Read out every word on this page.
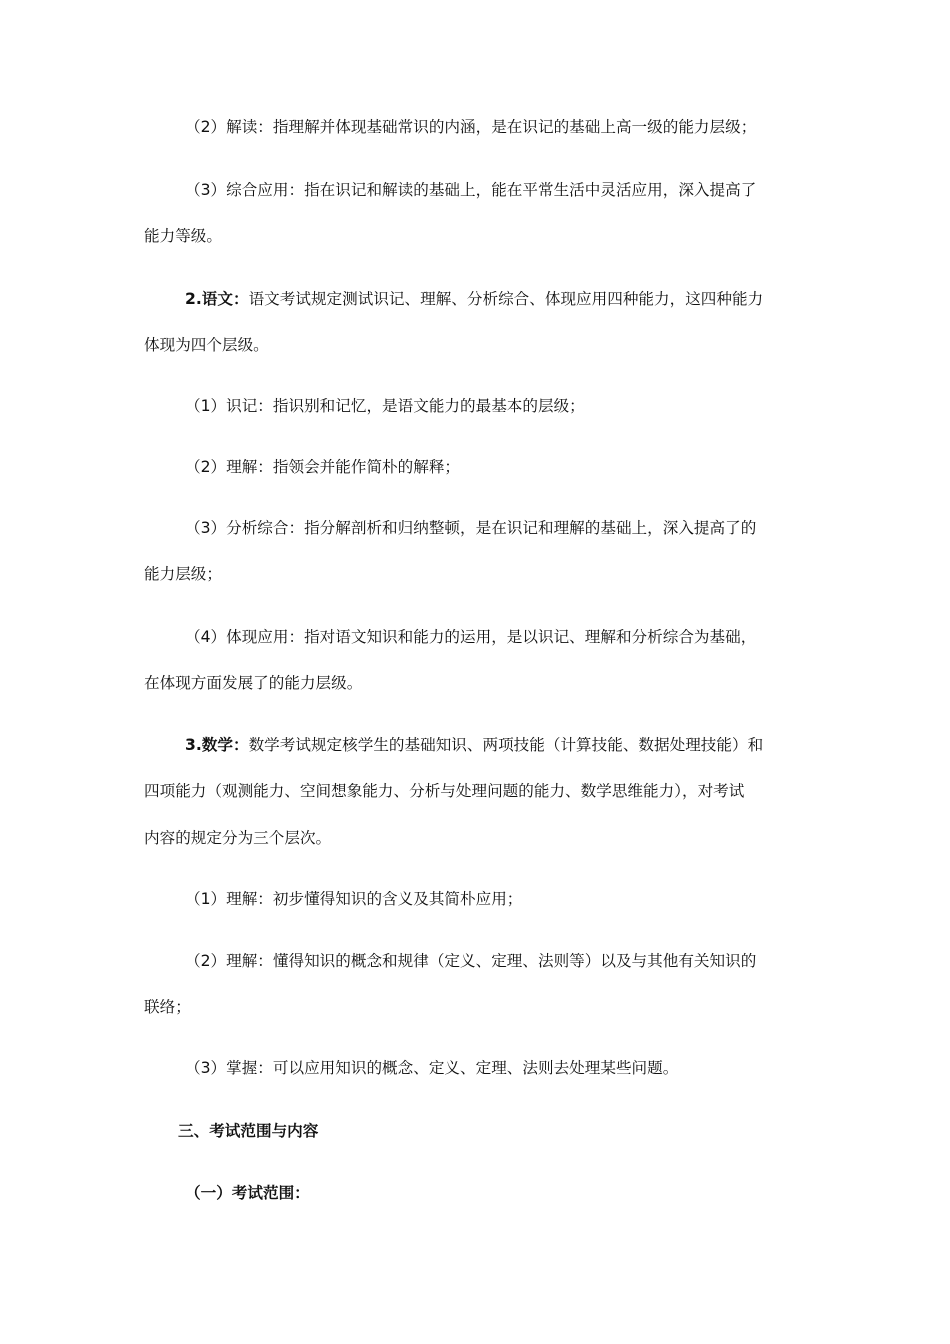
（2）解读：指理解并体现基础常识的内涵，是在识记的基础上高一级的能力层级；
（3）综合应用：指在识记和解读的基础上，能在平常生活中灵活应用，深入提高了
能力等级。
2.语文：语文考试规定测试识记、理解、分析综合、体现应用四种能力，这四种能力
体现为四个层级。
（1）识记：指识别和记忆，是语文能力的最基本的层级；
（2）理解：指领会并能作简朴的解释；
（3）分析综合：指分解剖析和归纳整顿，是在识记和理解的基础上，深入提高了的
能力层级；
（4）体现应用：指对语文知识和能力的运用，是以识记、理解和分析综合为基础，
在体现方面发展了的能力层级。
3.数学：数学考试规定核学生的基础知识、两项技能（计算技能、数据处理技能）和
四项能力（观测能力、空间想象能力、分析与处理问题的能力、数学思维能力），对考试
内容的规定分为三个层次。
（1）理解：初步懂得知识的含义及其简朴应用；
（2）理解：懂得知识的概念和规律（定义、定理、法则等）以及与其他有关知识的
联络；
（3）掌握：可以应用知识的概念、定义、定理、法则去处理某些问题。
三、考试范围与内容
（一）考试范围：
